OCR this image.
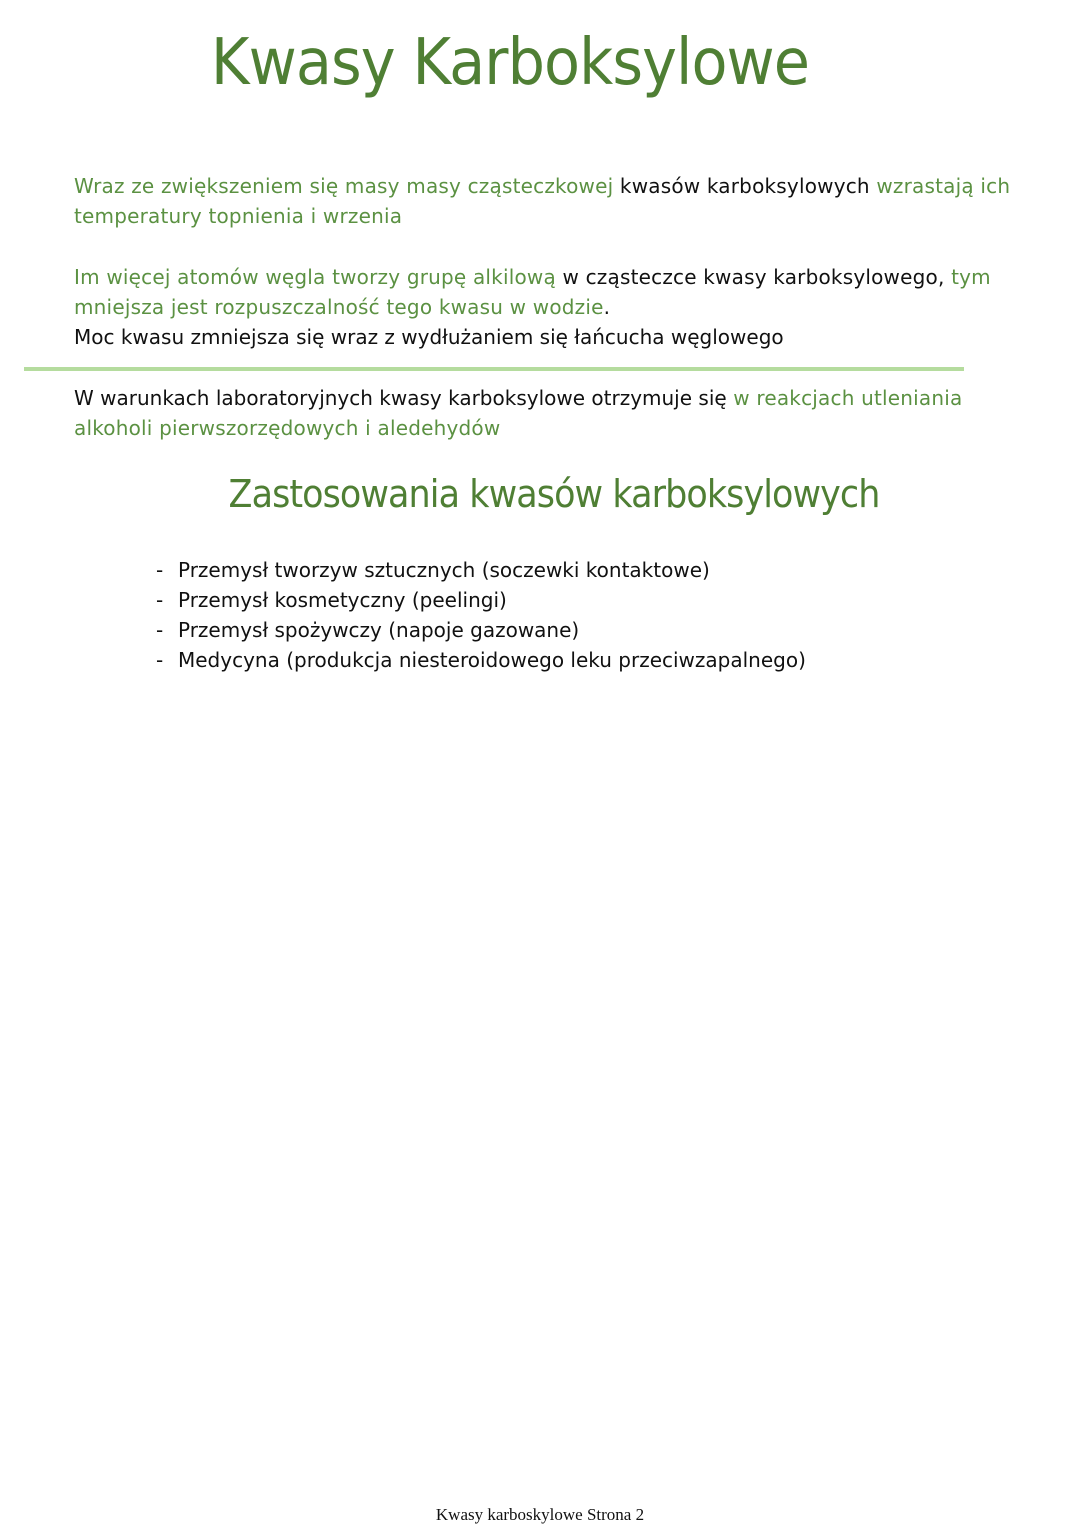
Kwasy Karboksylowe

Wraz ze zwiększeniem się masy masy cząsteczkowej kwasów karboksylowych wzrastają ich temperatury topnienia i wrzenia

Im więcej atomów węgla tworzy grupę alkilową w cząsteczce kwasy karboksylowego, tym mniejsza jest rozpuszczalność tego kwasu w wodzie.

Moc kwasu zmniejsza się wraz z wydłużaniem się łańcucha węglowego

W warunkach laboratoryjnych kwasy karboksylowe otrzymuje się w reakcjach utleniania alkoholi pierwszorzędowych i aledehydów

Zastosowania kwasów karboksylowych
- Przemysł tworzyw sztucznych (soczewki kontaktowe)
- Przemysł kosmetyczny (peelingi)
- Przemysł spożywczy (napoje gazowane)
- Medycyna (produkcja niesteroidowego leku przeciwzapalnego)
Kwasy karboskylowe Strona 2
